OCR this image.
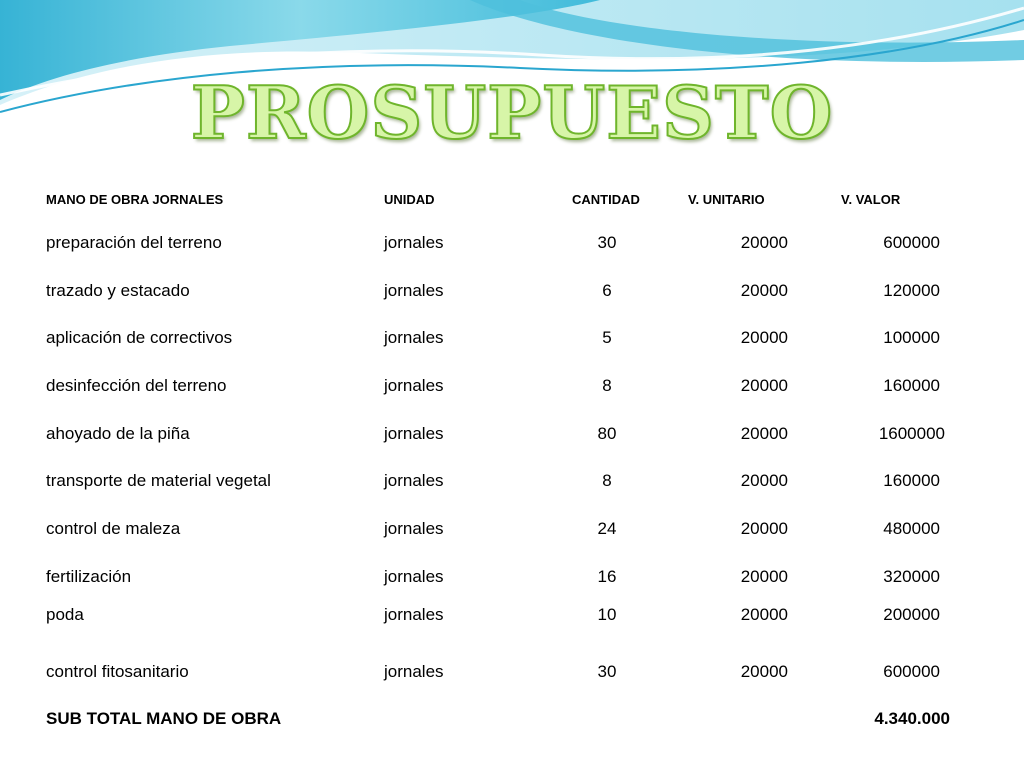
PROSUPUESTO
MANO DE OBRA JORNALES	UNIDAD	CANTIDAD	V. UNITARIO	V. VALOR
preparación del terreno	jornales	30	20000	600000
trazado y estacado	jornales	6	20000	120000
aplicación de correctivos	jornales	5	20000	100000
desinfección del terreno	jornales	8	20000	160000
ahoyado de la piña	jornales	80	20000	1600000
transporte de material vegetal	jornales	8	20000	160000
control de maleza	jornales	24	20000	480000
fertilización	jornales	16	20000	320000
poda	jornales	10	20000	200000
control fitosanitario	jornales	30	20000	600000
SUB TOTAL MANO DE OBRA	4.340.000
